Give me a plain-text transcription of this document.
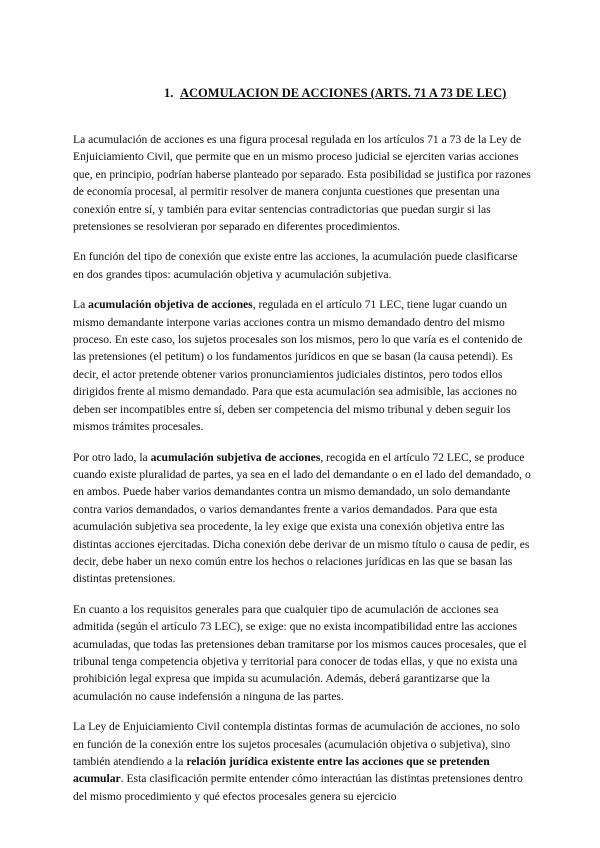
1. ACOMULACION DE ACCIONES (ARTS. 71 A 73 DE LEC)

La acumulación de acciones es una figura procesal regulada en los artículos 71 a 73 de la Ley de Enjuiciamiento Civil, que permite que en un mismo proceso judicial se ejerciten varias acciones que, en principio, podrían haberse planteado por separado. Esta posibilidad se justifica por razones de economía procesal, al permitir resolver de manera conjunta cuestiones que presentan una conexión entre sí, y también para evitar sentencias contradictorias que puedan surgir si las pretensiones se resolvieran por separado en diferentes procedimientos.

En función del tipo de conexión que existe entre las acciones, la acumulación puede clasificarse en dos grandes tipos: acumulación objetiva y acumulación subjetiva.

La acumulación objetiva de acciones, regulada en el artículo 71 LEC, tiene lugar cuando un mismo demandante interpone varias acciones contra un mismo demandado dentro del mismo proceso. En este caso, los sujetos procesales son los mismos, pero lo que varía es el contenido de las pretensiones (el petitum) o los fundamentos jurídicos en que se basan (la causa petendi). Es decir, el actor pretende obtener varios pronunciamientos judiciales distintos, pero todos ellos dirigidos frente al mismo demandado. Para que esta acumulación sea admisible, las acciones no deben ser incompatibles entre sí, deben ser competencia del mismo tribunal y deben seguir los mismos trámites procesales.

Por otro lado, la acumulación subjetiva de acciones, recogida en el artículo 72 LEC, se produce cuando existe pluralidad de partes, ya sea en el lado del demandante o en el lado del demandado, o en ambos. Puede haber varios demandantes contra un mismo demandado, un solo demandante contra varios demandados, o varios demandantes frente a varios demandados. Para que esta acumulación subjetiva sea procedente, la ley exige que exista una conexión objetiva entre las distintas acciones ejercitadas. Dicha conexión debe derivar de un mismo título o causa de pedir, es decir, debe haber un nexo común entre los hechos o relaciones jurídicas en las que se basan las distintas pretensiones.

En cuanto a los requisitos generales para que cualquier tipo de acumulación de acciones sea admitida (según el artículo 73 LEC), se exige: que no exista incompatibilidad entre las acciones acumuladas, que todas las pretensiones deban tramitarse por los mismos cauces procesales, que el tribunal tenga competencia objetiva y territorial para conocer de todas ellas, y que no exista una prohibición legal expresa que impida su acumulación. Además, deberá garantizarse que la acumulación no cause indefensión a ninguna de las partes.

La Ley de Enjuiciamiento Civil contempla distintas formas de acumulación de acciones, no solo en función de la conexión entre los sujetos procesales (acumulación objetiva o subjetiva), sino también atendiendo a la relación jurídica existente entre las acciones que se pretenden acumular. Esta clasificación permite entender cómo interactúan las distintas pretensiones dentro del mismo procedimiento y qué efectos procesales genera su ejercicio
